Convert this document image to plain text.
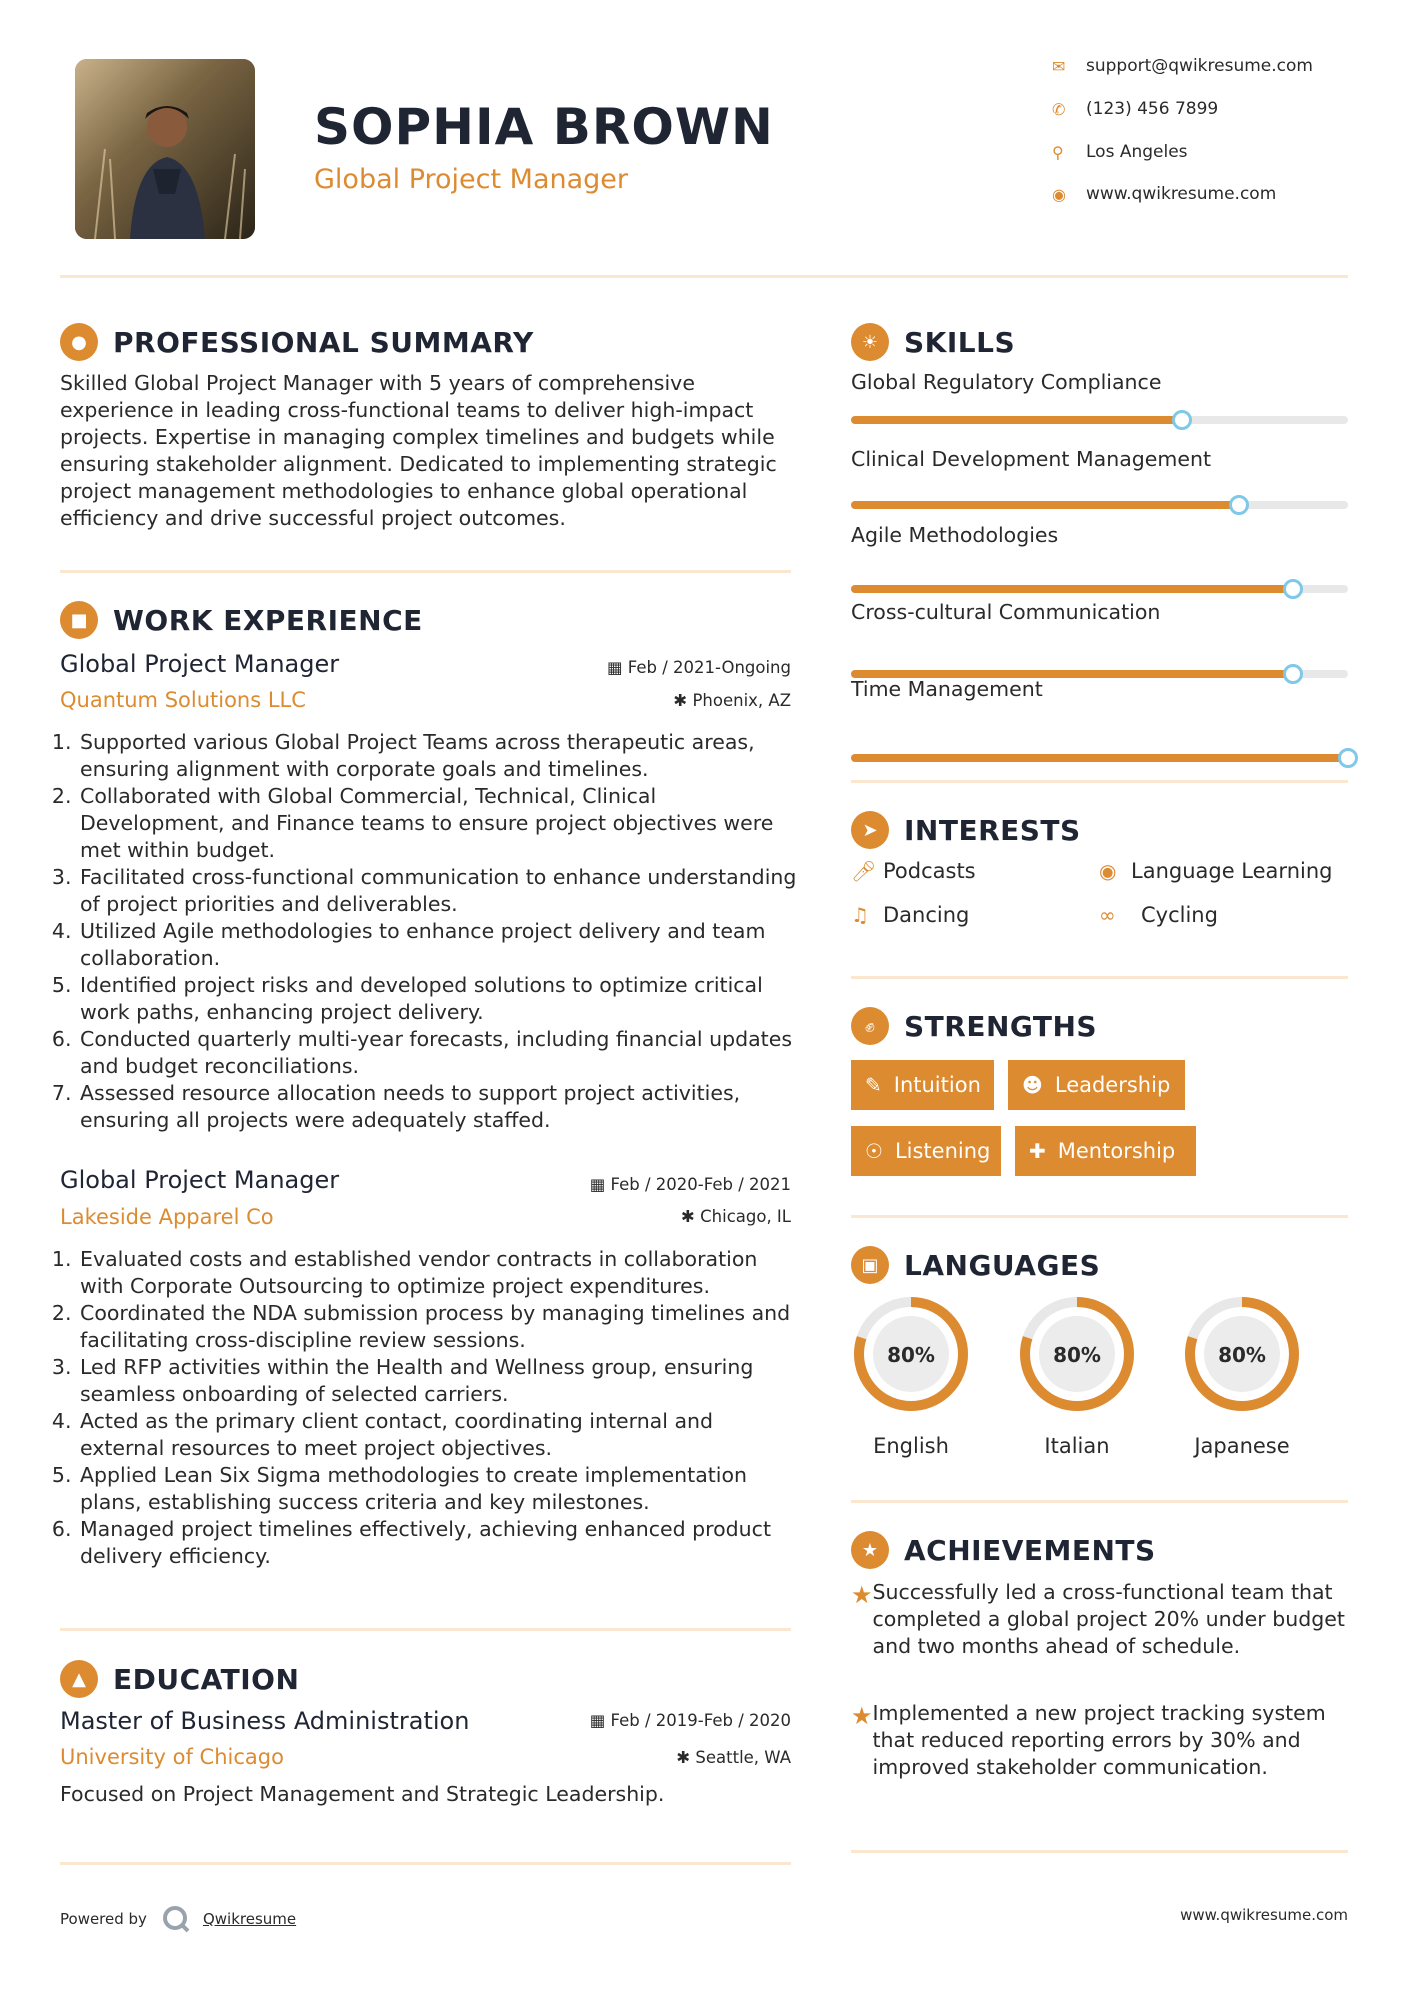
SOPHIA BROWN
Global Project Manager
✉	support@qwikresume.com
✆	(123) 456 7899
⚲	Los Angeles
◉	www.qwikresume.com
● PROFESSIONAL SUMMARY
Skilled Global Project Manager with 5 years of comprehensive experience in leading cross-functional teams to deliver high-impact projects. Expertise in managing complex timelines and budgets while ensuring stakeholder alignment. Dedicated to implementing strategic project management methodologies to enhance global operational efficiency and drive successful project outcomes.
■ WORK EXPERIENCE
Global Project Manager	▦ Feb / 2021-Ongoing
Quantum Solutions LLC	✱ Phoenix, AZ
1. Supported various Global Project Teams across therapeutic areas, ensuring alignment with corporate goals and timelines.
2. Collaborated with Global Commercial, Technical, Clinical Development, and Finance teams to ensure project objectives were met within budget.
3. Facilitated cross-functional communication to enhance understanding of project priorities and deliverables.
4. Utilized Agile methodologies to enhance project delivery and team collaboration.
5. Identified project risks and developed solutions to optimize critical work paths, enhancing project delivery.
6. Conducted quarterly multi-year forecasts, including financial updates and budget reconciliations.
7. Assessed resource allocation needs to support project activities, ensuring all projects were adequately staffed.
Global Project Manager	▦ Feb / 2020-Feb / 2021
Lakeside Apparel Co	✱ Chicago, IL
1. Evaluated costs and established vendor contracts in collaboration with Corporate Outsourcing to optimize project expenditures.
2. Coordinated the NDA submission process by managing timelines and facilitating cross-discipline review sessions.
3. Led RFP activities within the Health and Wellness group, ensuring seamless onboarding of selected carriers.
4. Acted as the primary client contact, coordinating internal and external resources to meet project objectives.
5. Applied Lean Six Sigma methodologies to create implementation plans, establishing success criteria and key milestones.
6. Managed project timelines effectively, achieving enhanced product delivery efficiency.
▲ EDUCATION
Master of Business Administration	▦ Feb / 2019-Feb / 2020
University of Chicago	✱ Seattle, WA
Focused on Project Management and Strategic Leadership.
☀ SKILLS
Global Regulatory Compliance
Clinical Development Management
Agile Methodologies
Cross-cultural Communication
Time Management
➤ INTERESTS
🎤︎ Podcasts	◉ Language Learning
♫ Dancing	∞	Cycling
✊︎	STRENGTHS
✎ Intuition ☻ Leadership
☉ Listening ✚ Mentorship
▣ LANGUAGES
80%
English
80%
Italian
80%
Japanese
★ ACHIEVEMENTS
★ Successfully led a cross-functional team that completed a global project 20% under budget and two months ahead of schedule.
★ Implemented a new project tracking system that reduced reporting errors by 30% and improved stakeholder communication.
Powered by	Qwikresume	www.qwikresume.com
